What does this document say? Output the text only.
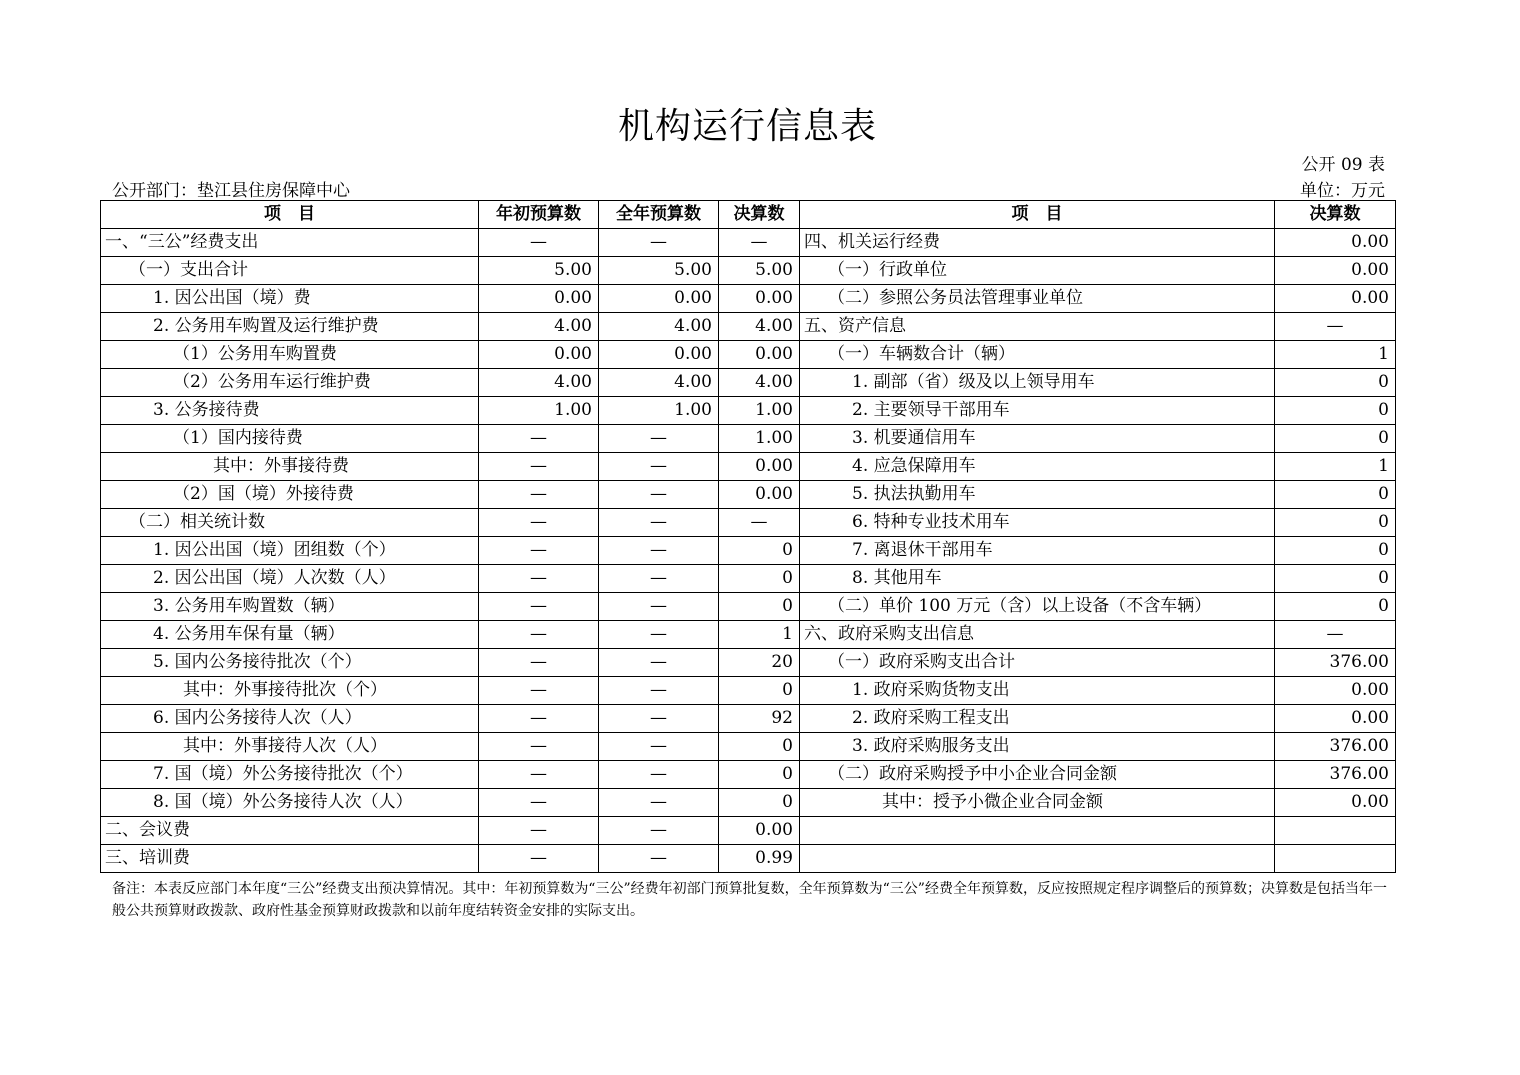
机构运行信息表
公开 09 表
公开部门：垫江县住房保障中心	单位：万元
项　目	年初预算数	全年预算数	决算数	项　目	决算数
一、“三公”经费支出	—	—	—	四、机关运行经费	0.00
（一）支出合计	5.00	5.00	5.00	（一）行政单位	0.00
1. 因公出国（境）费	0.00	0.00	0.00	（二）参照公务员法管理事业单位	0.00
2. 公务用车购置及运行维护费	4.00	4.00	4.00	五、资产信息	—
（1）公务用车购置费	0.00	0.00	0.00	（一）车辆数合计（辆）	1
（2）公务用车运行维护费	4.00	4.00	4.00	1. 副部（省）级及以上领导用车	0
3. 公务接待费	1.00	1.00	1.00	2. 主要领导干部用车	0
（1）国内接待费	—	—	1.00	3. 机要通信用车	0
其中：外事接待费	—	—	0.00	4. 应急保障用车	1
（2）国（境）外接待费	—	—	0.00	5. 执法执勤用车	0
（二）相关统计数	—	—	—	6. 特种专业技术用车	0
1. 因公出国（境）团组数（个）	—	—	0	7. 离退休干部用车	0
2. 因公出国（境）人次数（人）	—	—	0	8. 其他用车	0
3. 公务用车购置数（辆）	—	—	0	（二）单价 100 万元（含）以上设备（不含车辆）	0
4. 公务用车保有量（辆）	—	—	1	六、政府采购支出信息	—
5. 国内公务接待批次（个）	—	—	20	（一）政府采购支出合计	376.00
其中：外事接待批次（个）	—	—	0	1. 政府采购货物支出	0.00
6. 国内公务接待人次（人）	—	—	92	2. 政府采购工程支出	0.00
其中：外事接待人次（人）	—	—	0	3. 政府采购服务支出	376.00
7. 国（境）外公务接待批次（个）	—	—	0	（二）政府采购授予中小企业合同金额	376.00
8. 国（境）外公务接待人次（人）	—	—	0	其中：授予小微企业合同金额	0.00
二、会议费	—	—	0.00		
三、培训费	—	—	0.99		
备注：本表反应部门本年度“三公”经费支出预决算情况。其中：年初预算数为“三公”经费年初部门预算批复数，全年预算数为“三公”经费全年预算数，反应按照规定程序调整后的预算数；决算数是包括当年一般公共预算财政拨款、政府性基金预算财政拨款和以前年度结转资金安排的实际支出。
